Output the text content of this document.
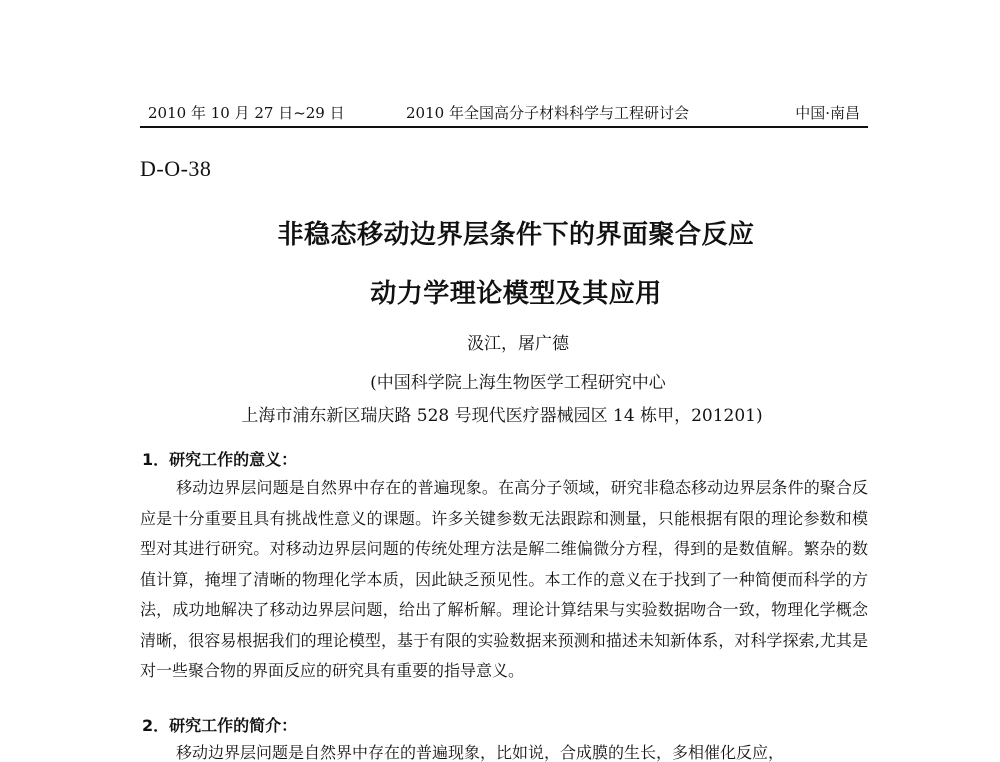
2010 年 10 月 27 日~29 日	2010 年全国高分子材料科学与工程研讨会	中国·南昌
D-O-38
非稳态移动边界层条件下的界面聚合反应
动力学理论模型及其应用
汲江，屠广德
(中国科学院上海生物医学工程研究中心
上海市浦东新区瑞庆路 528 号现代医疗器械园区 14 栋甲，201201)
1．研究工作的意义：
移动边界层问题是自然界中存在的普遍现象。在高分子领域，研究非稳态移动边界层条件的聚合反应是十分重要且具有挑战性意义的课题。许多关键参数无法跟踪和测量，只能根据有限的理论参数和模型对其进行研究。对移动边界层问题的传统处理方法是解二维偏微分方程，得到的是数值解。繁杂的数值计算，掩埋了清晰的物理化学本质，因此缺乏预见性。本工作的意义在于找到了一种简便而科学的方法，成功地解决了移动边界层问题，给出了解析解。理论计算结果与实验数据吻合一致，物理化学概念清晰，很容易根据我们的理论模型，基于有限的实验数据来预测和描述未知新体系，对科学探索,尤其是对一些聚合物的界面反应的研究具有重要的指导意义。
2．研究工作的简介：
移动边界层问题是自然界中存在的普遍现象，比如说，合成膜的生长，多相催化反应，
